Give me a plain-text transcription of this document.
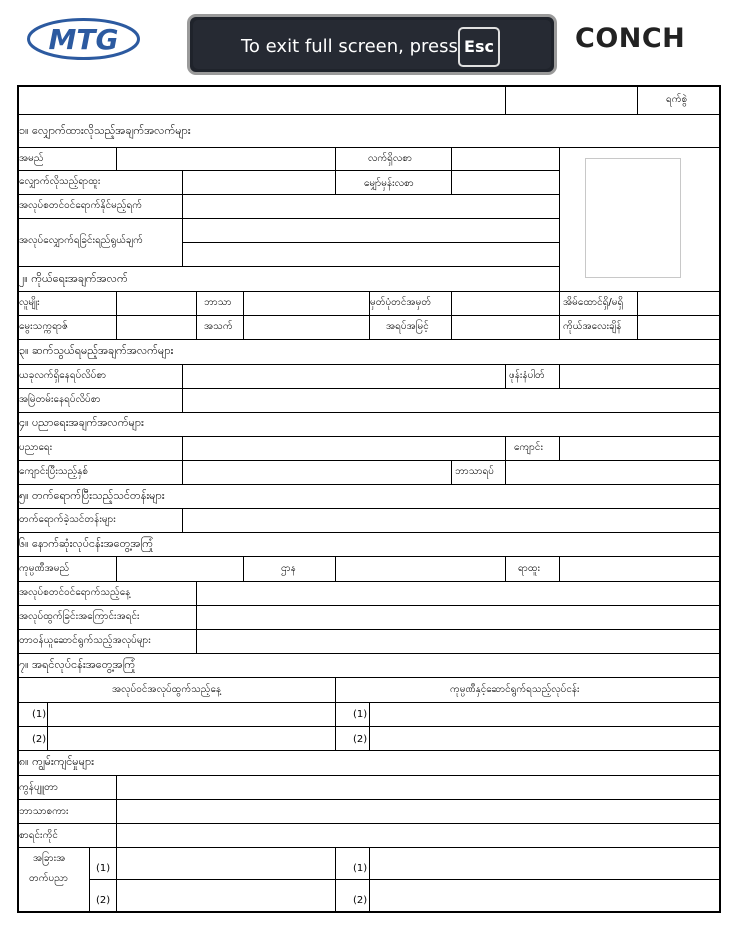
MTG	CONCH
To exit full screen, press Esc
ရက်စွဲ
၁။ လျှောက်ထားလိုသည့်အချက်အလက်များ
အမည်	လက်ရှိလစာ
လျှောက်လိုသည့်ရာထူး	မျှော်မှန်းလစာ
အလုပ်စတင်ဝင်ရောက်နိုင်မည့်ရက်
အလုပ်လျှောက်ရခြင်းရည်ရွယ်ချက်
၂။ ကိုယ်ရေးအချက်အလက်
လူမျိုး	ဘာသာ	မှတ်ပုံတင်အမှတ်	အိမ်ထောင်ရှိ/မရှိ
မွေးသက္ကရာဇ်	အသက်	အရပ်အမြင့်	ကိုယ်အလေးချိန်
၃။ ဆက်သွယ်ရမည့်အချက်အလက်များ
ယခုလက်ရှိနေရပ်လိပ်စာ	ဖုန်းနံပါတ်
အမြဲတမ်းနေရပ်လိပ်စာ
၄။ ပညာရေးအချက်အလက်များ
ပညာရေး	ကျောင်း
ကျောင်းပြီးသည့်နှစ်	ဘာသာရပ်
၅။ တက်ရောက်ပြီးသည့်သင်တန်းများ
တက်ရောက်ခဲ့သင်တန်းများ
၆။ နောက်ဆုံးလုပ်ငန်းအတွေ့အကြုံ
ကုမ္ပဏီအမည်	ဌာန	ရာထူး
အလုပ်စတင်ဝင်ရောက်သည့်နေ့
အလုပ်ထွက်ခြင်းအကြောင်းအရင်း
တာဝန်ယူဆောင်ရွက်သည့်အလုပ်များ
၇။ အရင်လုပ်ငန်းအတွေ့အကြုံ
အလုပ်ဝင်အလုပ်ထွက်သည့်နေ့	ကုမ္ပဏီနှင့်ဆောင်ရွက်ရသည့်လုပ်ငန်း
(1)	(1)
(2)	(2)
၈။ ကျွမ်းကျင်မှုများ
ကွန်ပျူတာ
ဘာသာစကား
စာရင်းကိုင်
အခြားအ
တက်ပညာ
(1)	(1)
(2)	(2)
